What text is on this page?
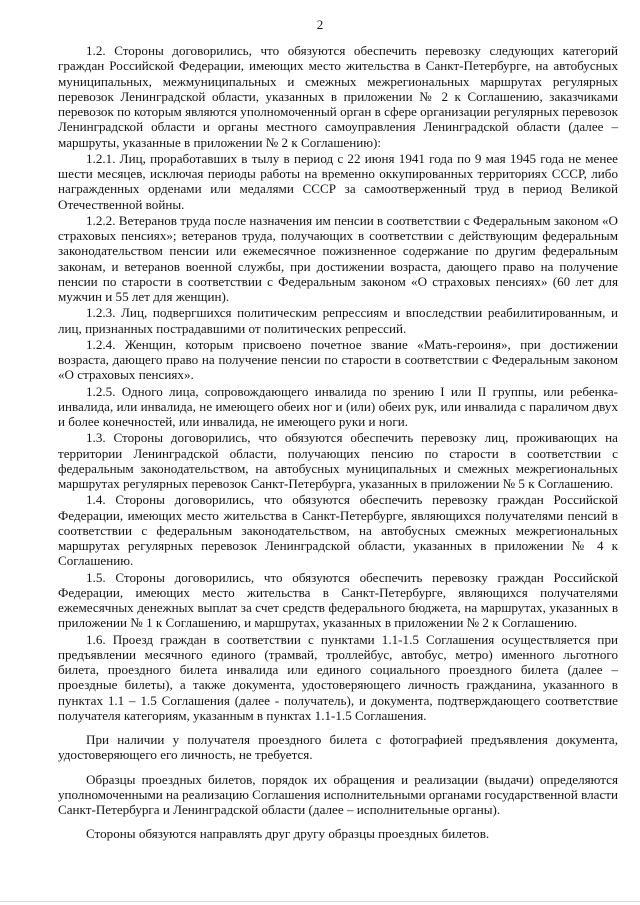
2

1.2. Стороны договорились, что обязуются обеспечить перевозку следующих категорий граждан Российской Федерации, имеющих место жительства в Санкт-Петербурге, на автобусных муниципальных, межмуниципальных и смежных межрегиональных маршрутах регулярных перевозок Ленинградской области, указанных в приложении № 2 к Соглашению, заказчиками перевозок по которым являются уполномоченный орган в сфере организации регулярных перевозок Ленинградской области и органы местного самоуправления Ленинградской области (далее – маршруты, указанные в приложении № 2 к Соглашению):

1.2.1. Лиц, проработавших в тылу в период с 22 июня 1941 года по 9 мая 1945 года не менее шести месяцев, исключая периоды работы на временно оккупированных территориях СССР, либо награжденных орденами или медалями СССР за самоотверженный труд в период Великой Отечественной войны.

1.2.2. Ветеранов труда после назначения им пенсии в соответствии с Федеральным законом «О страховых пенсиях»; ветеранов труда, получающих в соответствии с действующим федеральным законодательством пенсии или ежемесячное пожизненное содержание по другим федеральным законам, и ветеранов военной службы, при достижении возраста, дающего право на получение пенсии по старости в соответствии с Федеральным законом «О страховых пенсиях» (60 лет для мужчин и 55 лет для женщин).

1.2.3. Лиц, подвергшихся политическим репрессиям и впоследствии реабилитированным, и лиц, признанных пострадавшими от политических репрессий.

1.2.4. Женщин, которым присвоено почетное звание «Мать-героиня», при достижении возраста, дающего право на получение пенсии по старости в соответствии с Федеральным законом «О страховых пенсиях».

1.2.5. Одного лица, сопровождающего инвалида по зрению I или II группы, или ребенка-инвалида, или инвалида, не имеющего обеих ног и (или) обеих рук, или инвалида с параличом двух и более конечностей, или инвалида, не имеющего руки и ноги.

1.3. Стороны договорились, что обязуются обеспечить перевозку лиц, проживающих на территории Ленинградской области, получающих пенсию по старости в соответствии с федеральным законодательством, на автобусных муниципальных и смежных межрегиональных маршрутах регулярных перевозок Санкт-Петербурга, указанных в приложении № 5 к Соглашению.

1.4. Стороны договорились, что обязуются обеспечить перевозку граждан Российской Федерации, имеющих место жительства в Санкт-Петербурге, являющихся получателями пенсий в соответствии с федеральным законодательством, на автобусных смежных межрегиональных маршрутах регулярных перевозок Ленинградской области, указанных в приложении № 4 к Соглашению.

1.5. Стороны договорились, что обязуются обеспечить перевозку граждан Российской Федерации, имеющих место жительства в Санкт-Петербурге, являющихся получателями ежемесячных денежных выплат за счет средств федерального бюджета, на маршрутах, указанных в приложении № 1 к Соглашению, и маршрутах, указанных в приложении № 2 к Соглашению.

1.6. Проезд граждан в соответствии с пунктами 1.1-1.5 Соглашения осуществляется при предъявлении месячного единого (трамвай, троллейбус, автобус, метро) именного льготного билета, проездного билета инвалида или единого социального проездного билета (далее – проездные билеты), а также документа, удостоверяющего личность гражданина, указанного в пунктах 1.1 – 1.5 Соглашения (далее - получатель), и документа, подтверждающего соответствие получателя категориям, указанным в пунктах 1.1-1.5 Соглашения.

При наличии у получателя проездного билета с фотографией предъявления документа, удостоверяющего его личность, не требуется.

Образцы проездных билетов, порядок их обращения и реализации (выдачи) определяются уполномоченными на реализацию Соглашения исполнительными органами государственной власти Санкт-Петербурга и Ленинградской области (далее – исполнительные органы).

Стороны обязуются направлять друг другу образцы проездных билетов.
